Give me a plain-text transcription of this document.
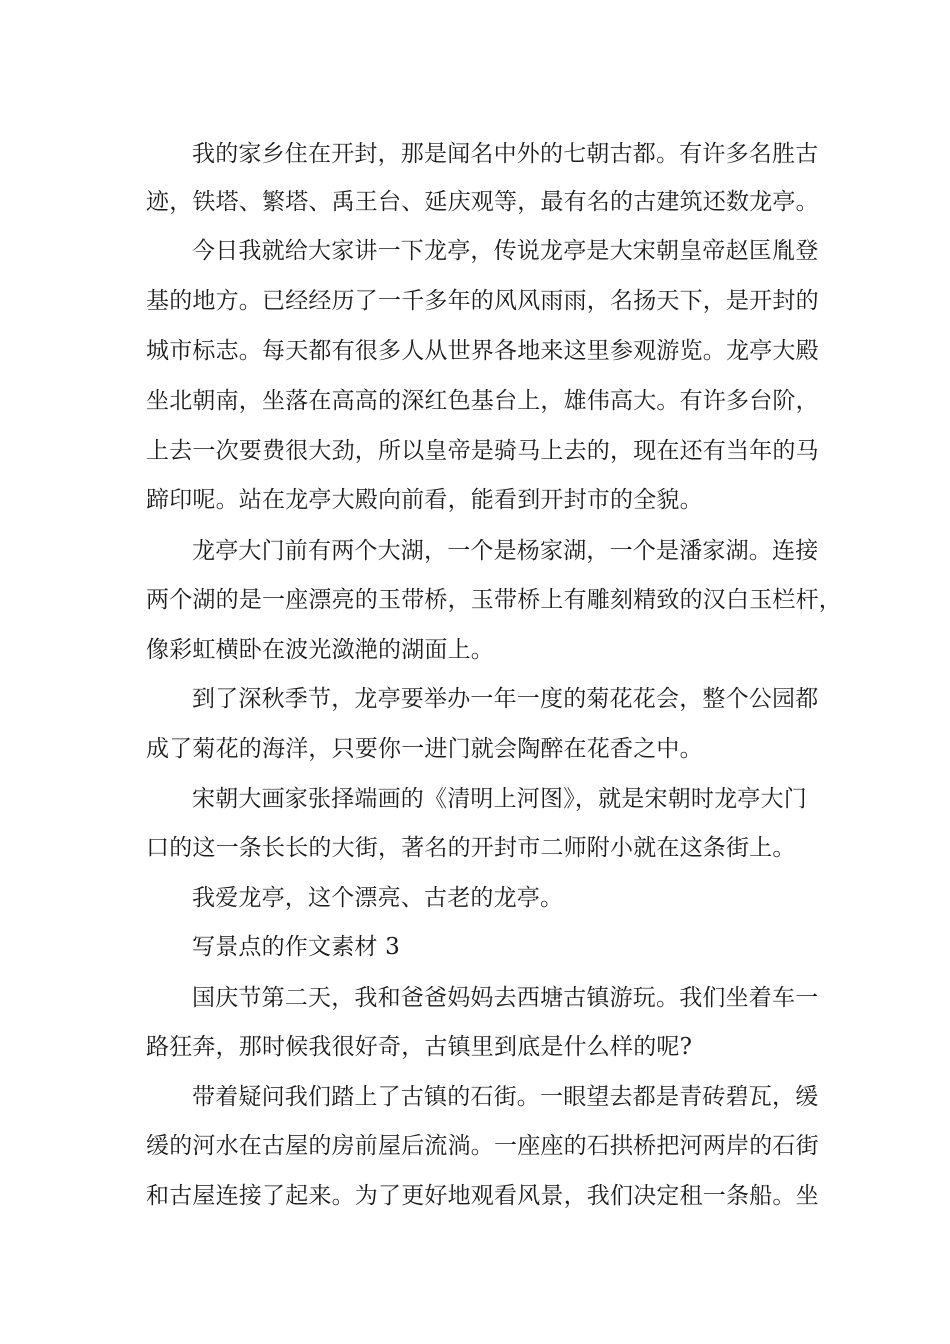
我的家乡住在开封，那是闻名中外的七朝古都。有许多名胜古
迹，铁塔、繁塔、禹王台、延庆观等，最有名的古建筑还数龙亭。
今日我就给大家讲一下龙亭，传说龙亭是大宋朝皇帝赵匡胤登
基的地方。已经经历了一千多年的风风雨雨，名扬天下，是开封的
城市标志。每天都有很多人从世界各地来这里参观游览。龙亭大殿
坐北朝南，坐落在高高的深红色基台上，雄伟高大。有许多台阶，
上去一次要费很大劲，所以皇帝是骑马上去的，现在还有当年的马
蹄印呢。站在龙亭大殿向前看，能看到开封市的全貌。
龙亭大门前有两个大湖，一个是杨家湖，一个是潘家湖。连接
两个湖的是一座漂亮的玉带桥，玉带桥上有雕刻精致的汉白玉栏杆，
像彩虹横卧在波光潋滟的湖面上。
到了深秋季节，龙亭要举办一年一度的菊花花会，整个公园都
成了菊花的海洋，只要你一进门就会陶醉在花香之中。
宋朝大画家张择端画的《清明上河图》，就是宋朝时龙亭大门
口的这一条长长的大街，著名的开封市二师附小就在这条街上。
我爱龙亭，这个漂亮、古老的龙亭。
写景点的作文素材 3
国庆节第二天，我和爸爸妈妈去西塘古镇游玩。我们坐着车一
路狂奔，那时候我很好奇，古镇里到底是什么样的呢?
带着疑问我们踏上了古镇的石街。一眼望去都是青砖碧瓦，缓
缓的河水在古屋的房前屋后流淌。一座座的石拱桥把河两岸的石街
和古屋连接了起来。为了更好地观看风景，我们决定租一条船。坐
